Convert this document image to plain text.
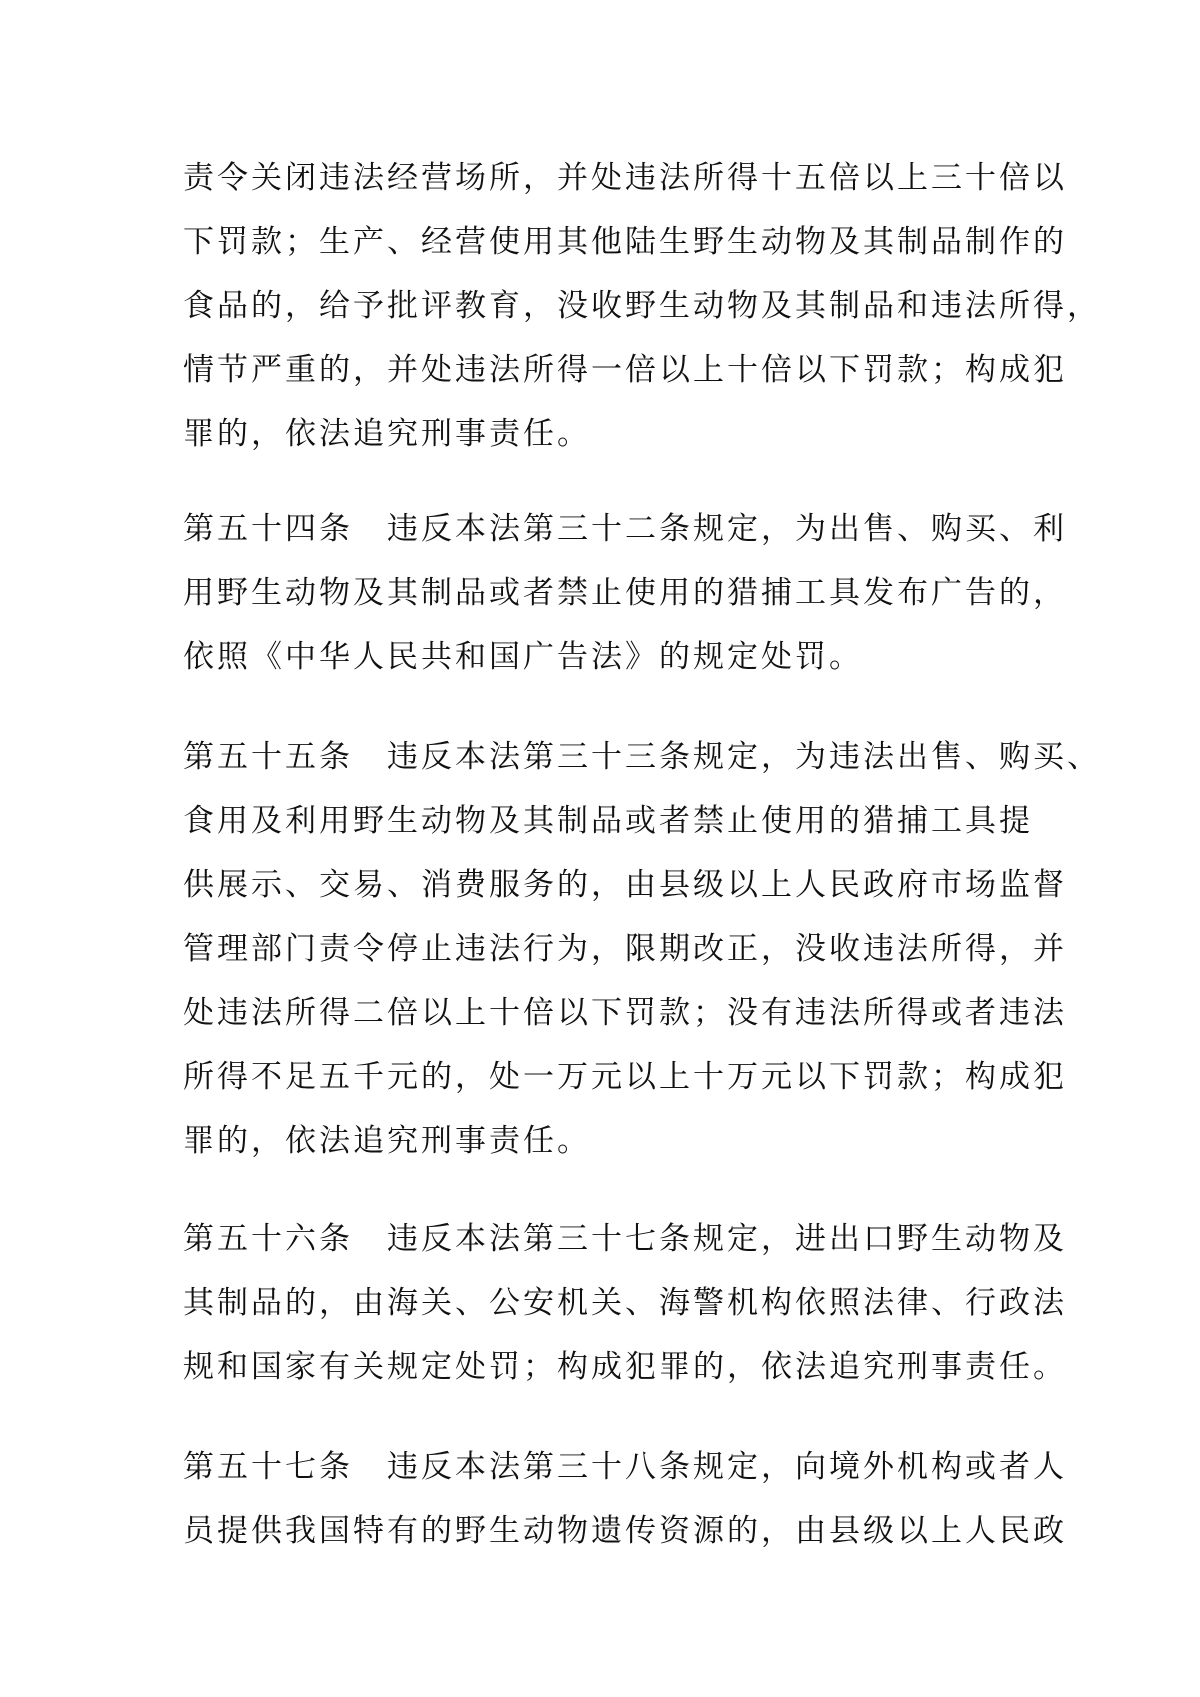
责令关闭违法经营场所，并处违法所得十五倍以上三十倍以
下罚款；生产、经营使用其他陆生野生动物及其制品制作的
食品的，给予批评教育，没收野生动物及其制品和违法所得，
情节严重的，并处违法所得一倍以上十倍以下罚款；构成犯
罪的，依法追究刑事责任。
第五十四条　违反本法第三十二条规定，为出售、购买、利
用野生动物及其制品或者禁止使用的猎捕工具发布广告的，
依照《中华人民共和国广告法》的规定处罚。
第五十五条　违反本法第三十三条规定，为违法出售、购买、
食用及利用野生动物及其制品或者禁止使用的猎捕工具提
供展示、交易、消费服务的，由县级以上人民政府市场监督
管理部门责令停止违法行为，限期改正，没收违法所得，并
处违法所得二倍以上十倍以下罚款；没有违法所得或者违法
所得不足五千元的，处一万元以上十万元以下罚款；构成犯
罪的，依法追究刑事责任。
第五十六条　违反本法第三十七条规定，进出口野生动物及
其制品的，由海关、公安机关、海警机构依照法律、行政法
规和国家有关规定处罚；构成犯罪的，依法追究刑事责任。
第五十七条　违反本法第三十八条规定，向境外机构或者人
员提供我国特有的野生动物遗传资源的，由县级以上人民政
